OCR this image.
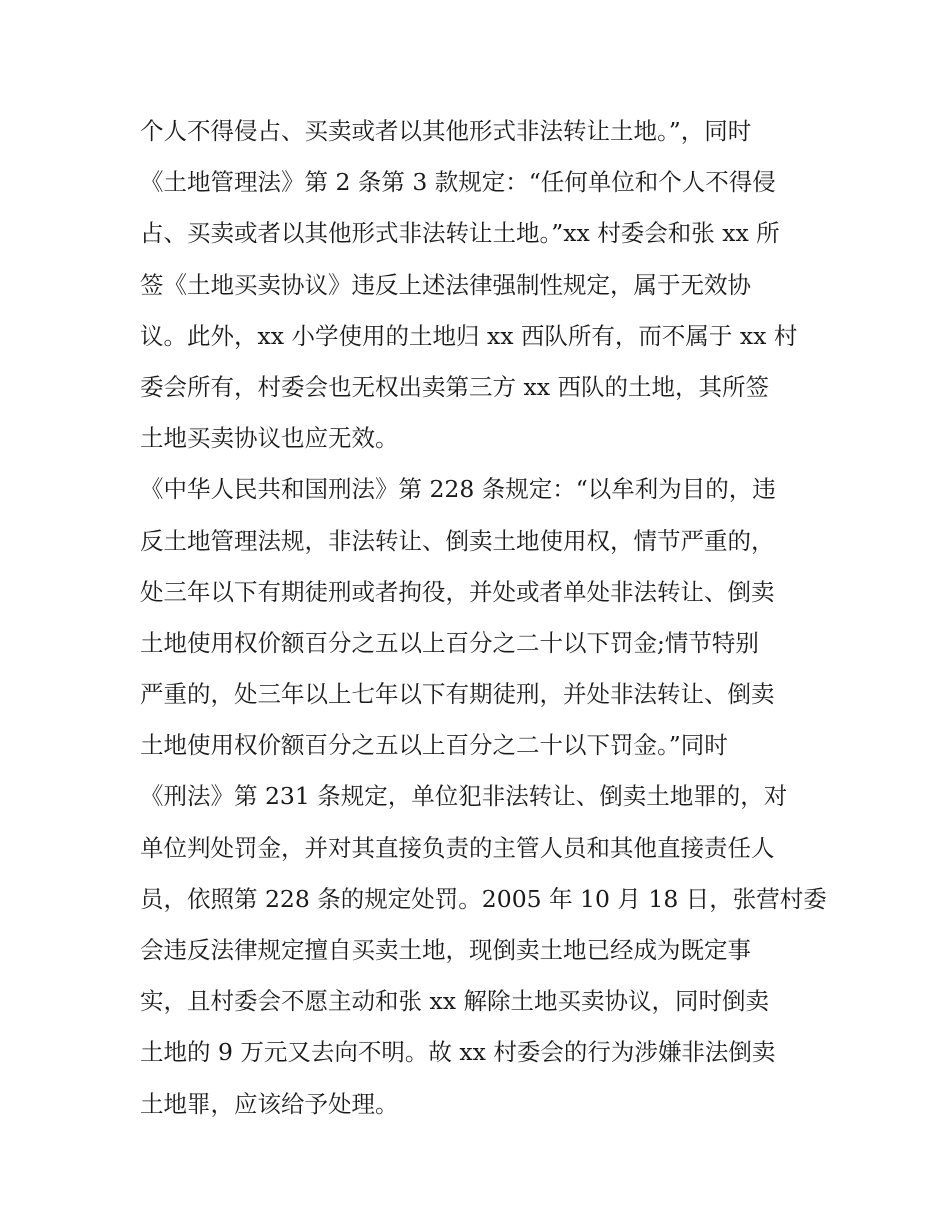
个人不得侵占、买卖或者以其他形式非法转让土地。”，同时
《土地管理法》第 2 条第 3 款规定：“任何单位和个人不得侵
占、买卖或者以其他形式非法转让土地。”xx 村委会和张 xx 所
签《土地买卖协议》违反上述法律强制性规定，属于无效协
议。此外，xx 小学使用的土地归 xx 西队所有，而不属于 xx 村
委会所有，村委会也无权出卖第三方 xx 西队的土地，其所签
土地买卖协议也应无效。
《中华人民共和国刑法》第 228 条规定：“以牟利为目的，违
反土地管理法规，非法转让、倒卖土地使用权，情节严重的，
处三年以下有期徒刑或者拘役，并处或者单处非法转让、倒卖
土地使用权价额百分之五以上百分之二十以下罚金;情节特别
严重的，处三年以上七年以下有期徒刑，并处非法转让、倒卖
土地使用权价额百分之五以上百分之二十以下罚金。”同时
《刑法》第 231 条规定，单位犯非法转让、倒卖土地罪的，对
单位判处罚金，并对其直接负责的主管人员和其他直接责任人
员，依照第 228 条的规定处罚。2005 年 10 月 18 日，张营村委
会违反法律规定擅自买卖土地，现倒卖土地已经成为既定事
实，且村委会不愿主动和张 xx 解除土地买卖协议，同时倒卖
土地的 9 万元又去向不明。故 xx 村委会的行为涉嫌非法倒卖
土地罪，应该给予处理。
